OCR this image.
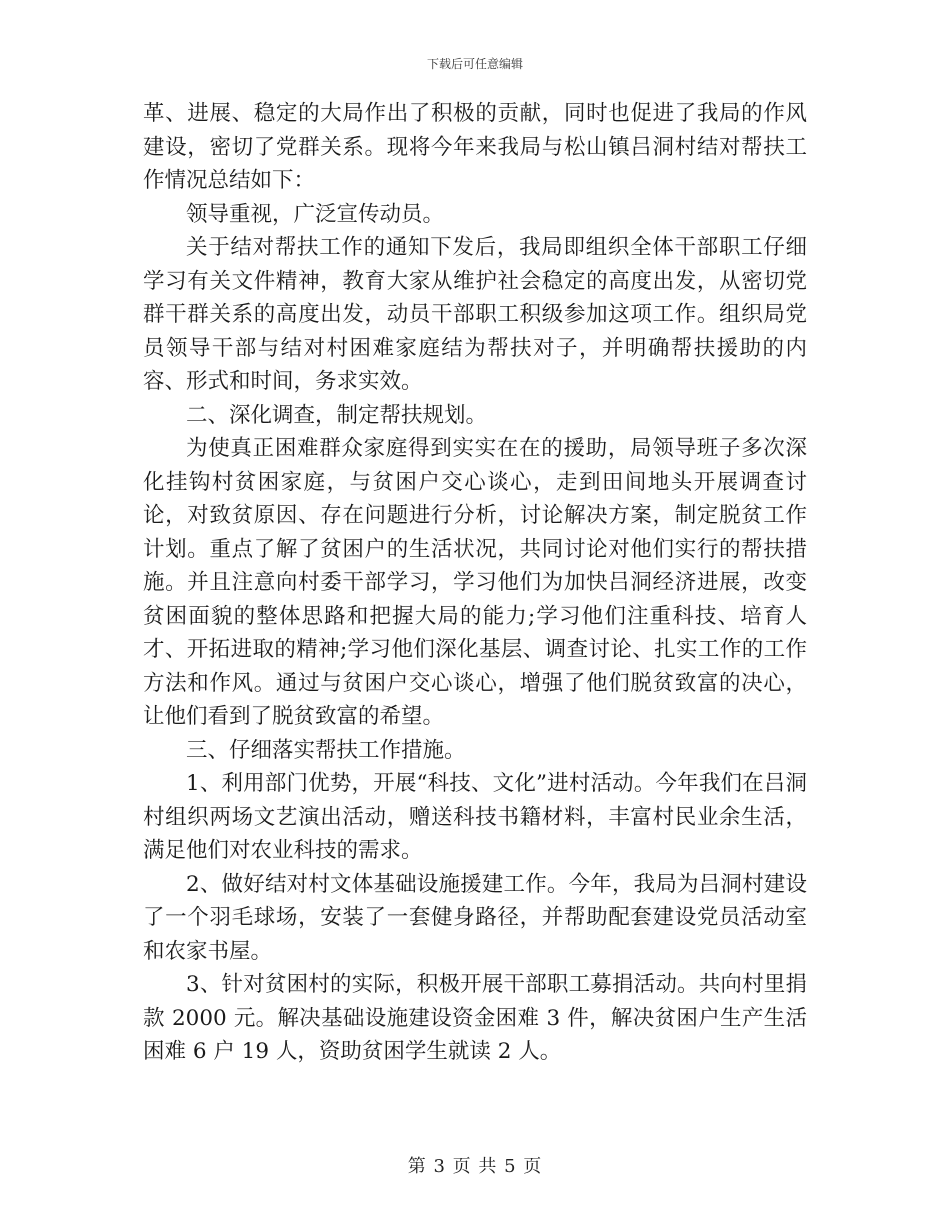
下载后可任意编辑

革、进展、稳定的大局作出了积极的贡献，同时也促进了我局的作风建设，密切了党群关系。现将今年来我局与松山镇吕洞村结对帮扶工作情况总结如下：

领导重视，广泛宣传动员。

关于结对帮扶工作的通知下发后，我局即组织全体干部职工仔细学习有关文件精神，教育大家从维护社会稳定的高度出发，从密切党群干群关系的高度出发，动员干部职工积级参加这项工作。组织局党员领导干部与结对村困难家庭结为帮扶对子，并明确帮扶援助的内容、形式和时间，务求实效。

二、深化调查，制定帮扶规划。

为使真正困难群众家庭得到实实在在的援助，局领导班子多次深化挂钩村贫困家庭，与贫困户交心谈心，走到田间地头开展调查讨论，对致贫原因、存在问题进行分析，讨论解决方案，制定脱贫工作计划。重点了解了贫困户的生活状况，共同讨论对他们实行的帮扶措施。并且注意向村委干部学习，学习他们为加快吕洞经济进展，改变贫困面貌的整体思路和把握大局的能力;学习他们注重科技、培育人才、开拓进取的精神;学习他们深化基层、调查讨论、扎实工作的工作方法和作风。通过与贫困户交心谈心，增强了他们脱贫致富的决心，让他们看到了脱贫致富的希望。

三、仔细落实帮扶工作措施。

1、利用部门优势，开展“科技、文化”进村活动。今年我们在吕洞村组织两场文艺演出活动，赠送科技书籍材料，丰富村民业余生活，满足他们对农业科技的需求。

2、做好结对村文体基础设施援建工作。今年，我局为吕洞村建设了一个羽毛球场，安装了一套健身路径，并帮助配套建设党员活动室和农家书屋。

3、针对贫困村的实际，积极开展干部职工募捐活动。共向村里捐款 2000 元。解决基础设施建设资金困难 3 件，解决贫困户生产生活困难 6 户 19 人，资助贫困学生就读 2 人。

第 3 页 共 5 页
